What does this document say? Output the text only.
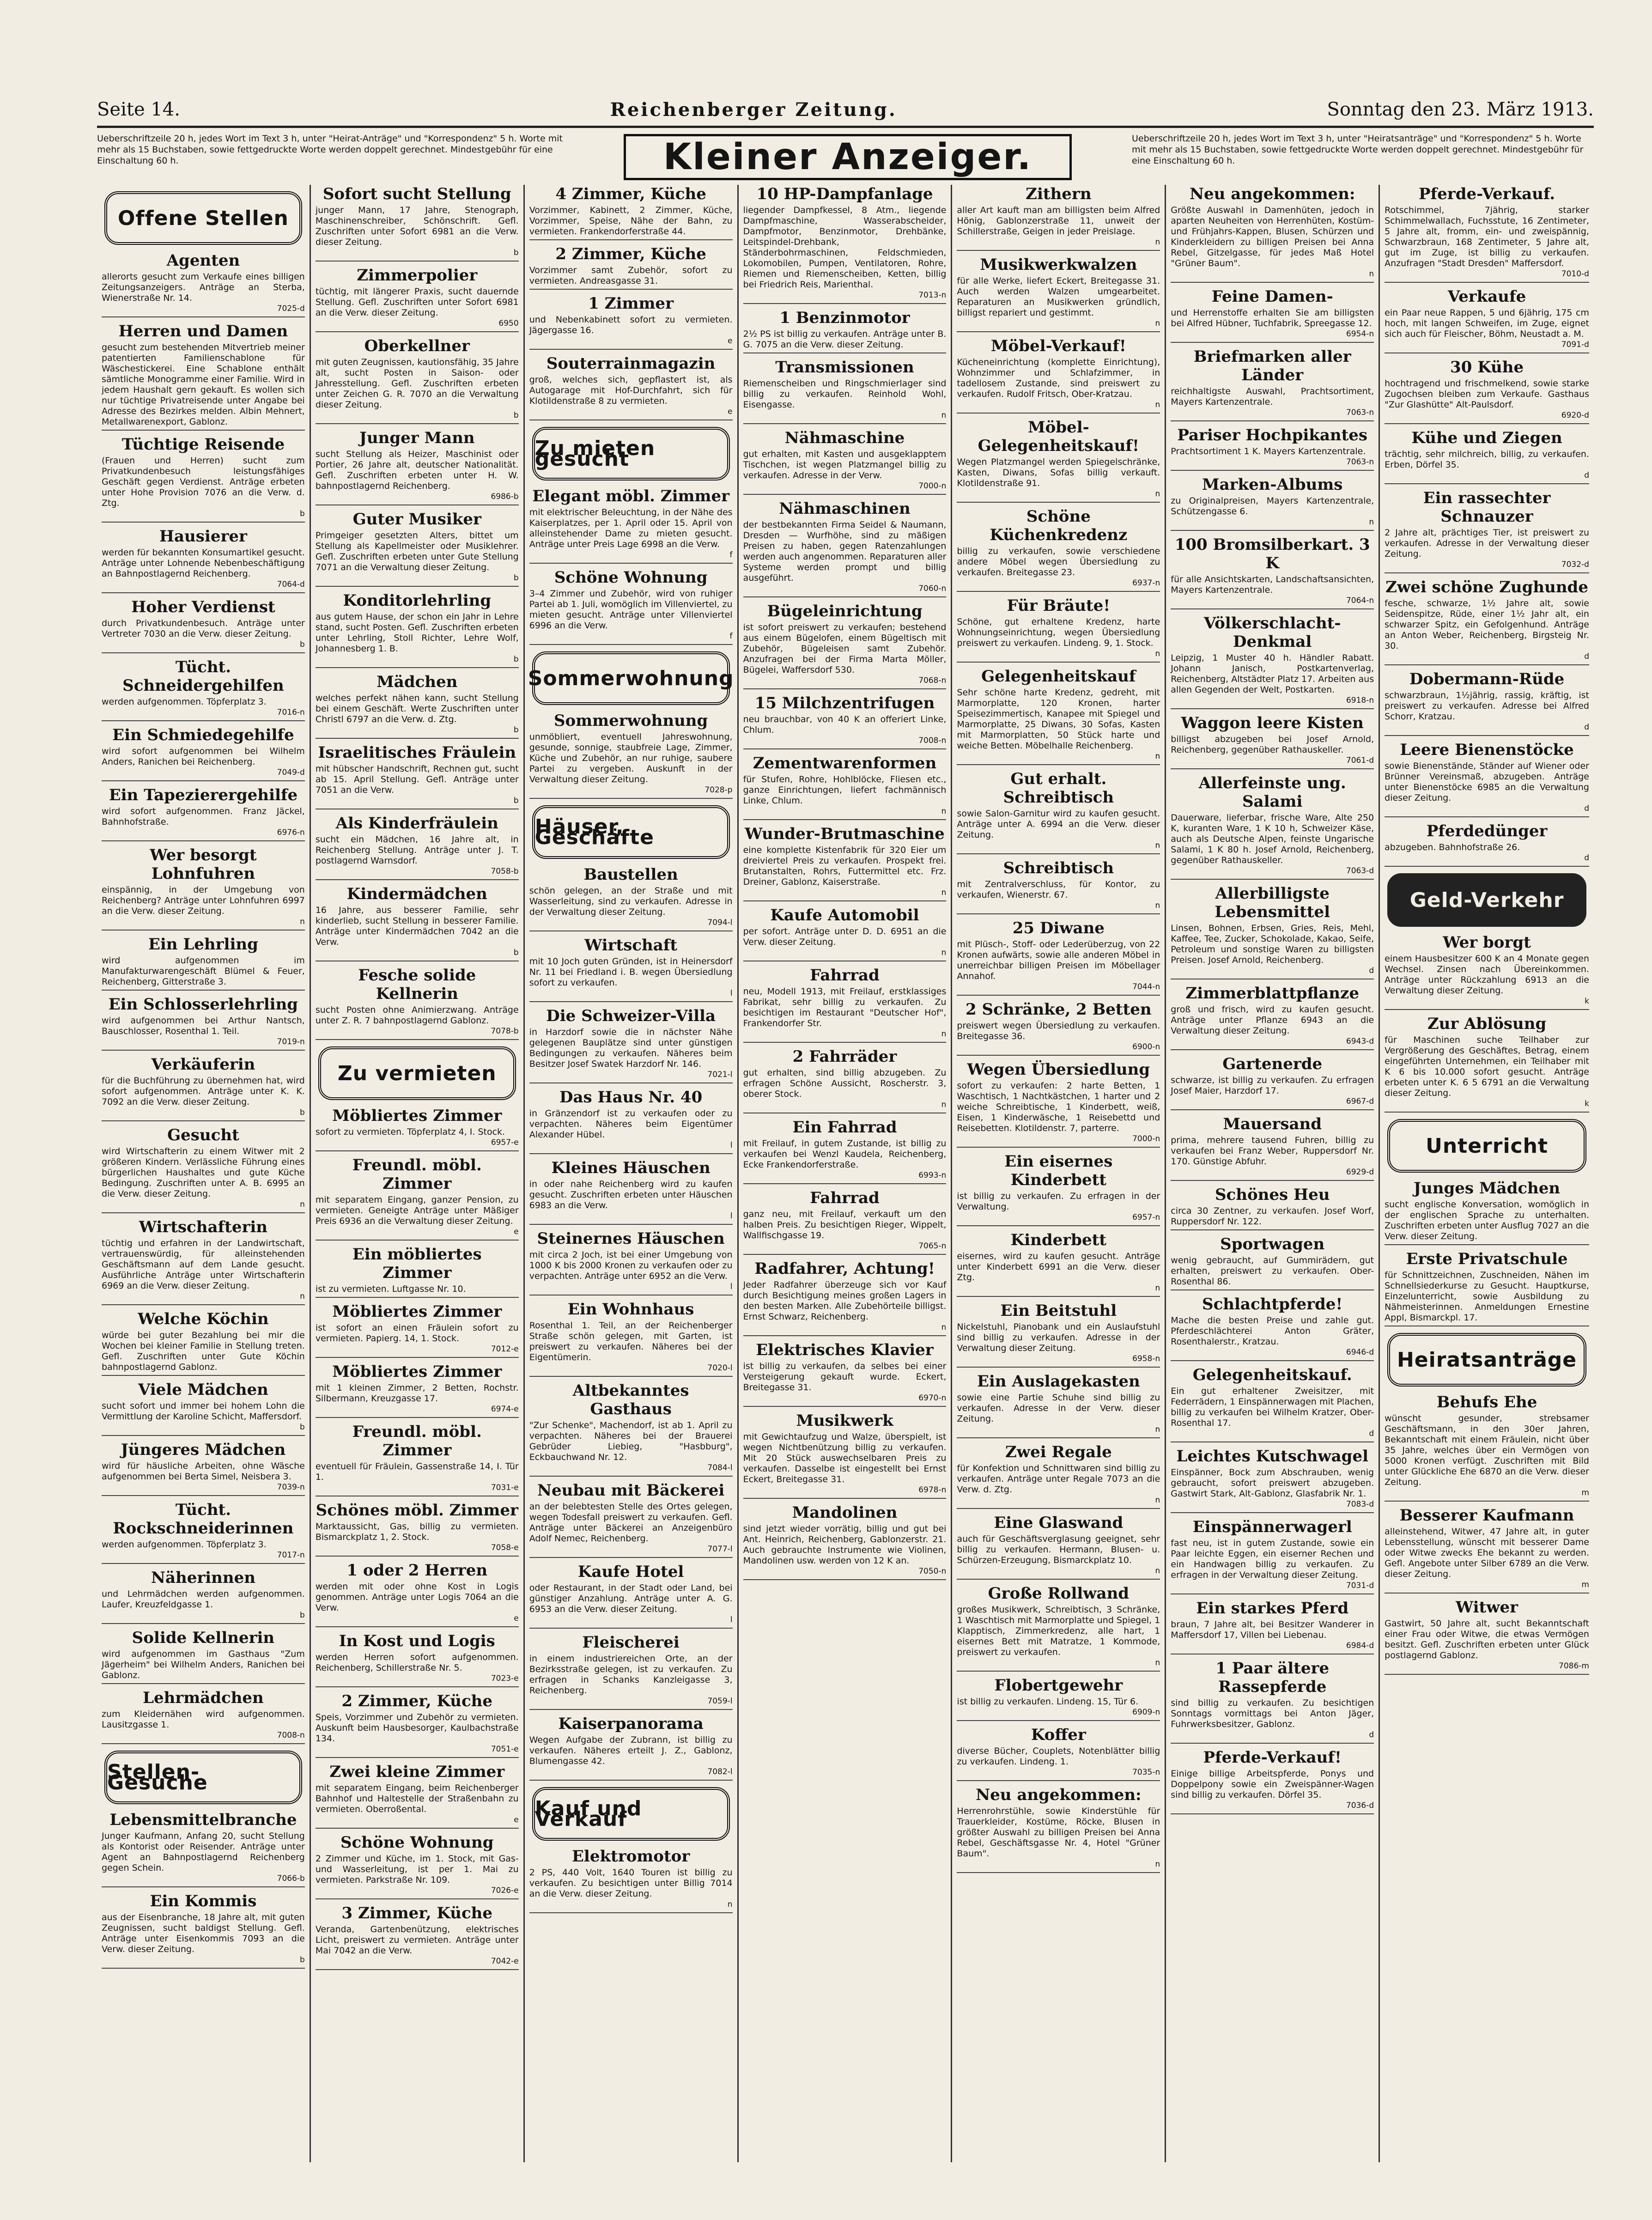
Seite 14.	Reichenberger Zeitung.	Sonntag den 23. März 1913.
Ueberschriftzeile 20 h, jedes Wort im Text 3 h, unter "Heirat-Anträge" und "Korrespondenz" 5 h. Worte mit mehr als 15 Buchstaben, sowie fettgedruckte Worte werden doppelt gerechnet. Mindestgebühr für eine Einschaltung 60 h.	Kleiner Anzeiger.	Ueberschriftzeile 20 h, jedes Wort im Text 3 h, unter "Heiratsanträge" und "Korrespondenz" 5 h. Worte mit mehr als 15 Buchstaben, sowie fettgedruckte Worte werden doppelt gerechnet. Mindestgebühr für eine Einschaltung 60 h.
Offene Stellen
Agenten

allerorts gesucht zum Verkaufe eines billigen Zeitungsanzeigers. Anträge an Sterba, Wienerstraße Nr. 14.

7025-d
Herren und Damen

gesucht zum bestehenden Mitvertrieb meiner patentierten Familienschablone für Wäschestickerei. Eine Schablone enthält sämtliche Monogramme einer Familie. Wird in jedem Haushalt gern gekauft. Es wollen sich nur tüchtige Privatreisende unter Angabe bei Adresse des Bezirkes melden. Albin Mehnert, Metallwarenexport, Gablonz.

Tüchtige Reisende

(Frauen und Herren) sucht zum Privatkundenbesuch leistungsfähiges Geschäft gegen Verdienst. Anträge erbeten unter Hohe Provision 7076 an die Verw. d. Ztg.

b
Hausierer

werden für bekannten Konsumartikel gesucht. Anträge unter Lohnende Nebenbeschäftigung an Bahnpostlagernd Reichenberg.

7064-d
Hoher Verdienst

durch Privatkundenbesuch. Anträge unter Vertreter 7030 an die Verw. dieser Zeitung.

b
Tücht. Schneidergehilfen

werden aufgenommen. Töpferplatz 3.

7016-n
Ein Schmiedegehilfe

wird sofort aufgenommen bei Wilhelm Anders, Ranichen bei Reichenberg.

7049-d
Ein Tapezierergehilfe

wird sofort aufgenommen. Franz Jäckel, Bahnhofstraße.

6976-n
Wer besorgt Lohnfuhren

einspännig, in der Umgebung von Reichenberg? Anträge unter Lohnfuhren 6997 an die Verw. dieser Zeitung.

n
Ein Lehrling

wird aufgenommen im Manufakturwarengeschäft Blümel & Feuer, Reichenberg, Gitterstraße 3.

Ein Schlosserlehrling

wird aufgenommen bei Arthur Nantsch, Bauschlosser, Rosenthal 1. Teil.

7019-n
Verkäuferin

für die Buchführung zu übernehmen hat, wird sofort aufgenommen. Anträge unter K. K. 7092 an die Verw. dieser Zeitung.

b
Gesucht

wird Wirtschafterin zu einem Witwer mit 2 größeren Kindern. Verlässliche Führung eines bürgerlichen Haushaltes und gute Küche Bedingung. Zuschriften unter A. B. 6995 an die Verw. dieser Zeitung.

n
Wirtschafterin

tüchtig und erfahren in der Landwirtschaft, vertrauenswürdig, für alleinstehenden Geschäftsmann auf dem Lande gesucht. Ausführliche Anträge unter Wirtschafterin 6969 an die Verw. dieser Zeitung.

n
Welche Köchin

würde bei guter Bezahlung bei mir die Wochen bei kleiner Familie in Stellung treten. Gefl. Zuschriften unter Gute Köchin bahnpostlagernd Gablonz.

Viele Mädchen

sucht sofort und immer bei hohem Lohn die Vermittlung der Karoline Schicht, Maffersdorf.

b
Jüngeres Mädchen

wird für häusliche Arbeiten, ohne Wäsche aufgenommen bei Berta Simel, Neisbera 3.

7039-n
Tücht. Rockschneiderinnen

werden aufgenommen. Töpferplatz 3.

7017-n
Näherinnen

und Lehrmädchen werden aufgenommen. Laufer, Kreuzfeldgasse 1.

b
Solide Kellnerin

wird aufgenommen im Gasthaus "Zum Jägerheim" bei Wilhelm Anders, Ranichen bei Gablonz.

Lehrmädchen

zum Kleidernähen wird aufgenommen. Lausitzgasse 1.

7008-n
Stellen-Gesuche
Lebensmittelbranche

Junger Kaufmann, Anfang 20, sucht Stellung als Kontorist oder Reisender. Anträge unter Agent an Bahnpostlagernd Reichenberg gegen Schein.

7066-b
Ein Kommis

aus der Eisenbranche, 18 Jahre alt, mit guten Zeugnissen, sucht baldigst Stellung. Gefl. Anträge unter Eisenkommis 7093 an die Verw. dieser Zeitung.

b
Sofort sucht Stellung

junger Mann, 17 Jahre, Stenograph, Maschinenschreiber, Schönschrift. Gefl. Zuschriften unter Sofort 6981 an die Verw. dieser Zeitung.

b
Zimmerpolier

tüchtig, mit längerer Praxis, sucht dauernde Stellung. Gefl. Zuschriften unter Sofort 6981 an die Verw. dieser Zeitung.

6950
Oberkellner

mit guten Zeugnissen, kautionsfähig, 35 Jahre alt, sucht Posten in Saison- oder Jahresstellung. Gefl. Zuschriften erbeten unter Zeichen G. R. 7070 an die Verwaltung dieser Zeitung.

b
Junger Mann

sucht Stellung als Heizer, Maschinist oder Portier, 26 Jahre alt, deutscher Nationalität. Gefl. Zuschriften erbeten unter H. W. bahnpostlagernd Reichenberg.

6986-b
Guter Musiker

Primgeiger gesetzten Alters, bittet um Stellung als Kapellmeister oder Musiklehrer. Gefl. Zuschriften erbeten unter Gute Stellung 7071 an die Verwaltung dieser Zeitung.

b
Konditorlehrling

aus gutem Hause, der schon ein Jahr in Lehre stand, sucht Posten. Gefl. Zuschriften erbeten unter Lehrling, Stoll Richter, Lehre Wolf, Johannesberg 1. B.

b
Mädchen

welches perfekt nähen kann, sucht Stellung bei einem Geschäft. Werte Zuschriften unter Christl 6797 an die Verw. d. Ztg.

b
Israelitisches Fräulein

mit hübscher Handschrift, Rechnen gut, sucht ab 15. April Stellung. Gefl. Anträge unter 7051 an die Verw.

b
Als Kinderfräulein

sucht ein Mädchen, 16 Jahre alt, in Reichenberg Stellung. Anträge unter J. T. postlagernd Warnsdorf.

7058-b
Kindermädchen

16 Jahre, aus besserer Familie, sehr kinderlieb, sucht Stellung in besserer Familie. Anträge unter Kindermädchen 7042 an die Verw.

b
Fesche solide Kellnerin

sucht Posten ohne Animierzwang. Anträge unter Z. R. 7 bahnpostlagernd Gablonz.

7078-b
Zu vermieten
Möbliertes Zimmer

sofort zu vermieten. Töpferplatz 4, I. Stock.

6957-e
Freundl. möbl. Zimmer

mit separatem Eingang, ganzer Pension, zu vermieten. Geneigte Anträge unter Mäßiger Preis 6936 an die Verwaltung dieser Zeitung.

e
Ein möbliertes Zimmer

ist zu vermieten. Luftgasse Nr. 10.

Möbliertes Zimmer

ist sofort an einen Fräulein sofort zu vermieten. Papierg. 14, 1. Stock.

7012-e
Möbliertes Zimmer

mit 1 kleinen Zimmer, 2 Betten, Rochstr. Silbermann, Kreuzgasse 17.

6974-e
Freundl. möbl. Zimmer

eventuell für Fräulein, Gassenstraße 14, I. Tür 1.

7031-e
Schönes möbl. Zimmer

Marktaussicht, Gas, billig zu vermieten. Bismarckplatz 1, 2. Stock.

7058-e
1 oder 2 Herren

werden mit oder ohne Kost in Logis genommen. Anträge unter Logis 7064 an die Verw.

e
In Kost und Logis

werden Herren sofort aufgenommen. Reichenberg, Schillerstraße Nr. 5.

7023-e
2 Zimmer, Küche

Speis, Vorzimmer und Zubehör zu vermieten. Auskunft beim Hausbesorger, Kaulbachstraße 134.

7051-e
Zwei kleine Zimmer

mit separatem Eingang, beim Reichenberger Bahnhof und Haltestelle der Straßenbahn zu vermieten. Oberroßental.

e
Schöne Wohnung

2 Zimmer und Küche, im 1. Stock, mit Gas- und Wasserleitung, ist per 1. Mai zu vermieten. Parkstraße Nr. 109.

7026-e
3 Zimmer, Küche

Veranda, Gartenbenützung, elektrisches Licht, preiswert zu vermieten. Anträge unter Mai 7042 an die Verw.

7042-e
4 Zimmer, Küche

Vorzimmer, Kabinett, 2 Zimmer, Küche, Vorzimmer, Speise, Nähe der Bahn, zu vermieten. Frankendorferstraße 44.

2 Zimmer, Küche

Vorzimmer samt Zubehör, sofort zu vermieten. Andreasgasse 31.

1 Zimmer

und Nebenkabinett sofort zu vermieten. Jägergasse 16.

e
Souterrainmagazin

groß, welches sich, gepflastert ist, als Autogarage mit Hof-Durchfahrt, sich für Klotildenstraße 8 zu vermieten.

e
Zu mieten gesucht
Elegant möbl. Zimmer

mit elektrischer Beleuchtung, in der Nähe des Kaiserplatzes, per 1. April oder 15. April von alleinstehender Dame zu mieten gesucht. Anträge unter Preis Lage 6998 an die Verw.

f
Schöne Wohnung

3–4 Zimmer und Zubehör, wird von ruhiger Partei ab 1. Juli, womöglich im Villenviertel, zu mieten gesucht. Anträge unter Villenviertel 6996 an die Verw.

f
Sommerwohnung
Sommerwohnung

unmöbliert, eventuell Jahreswohnung, gesunde, sonnige, staubfreie Lage, Zimmer, Küche und Zubehör, an nur ruhige, saubere Partei zu vergeben. Auskunft in der Verwaltung dieser Zeitung.

7028-p
Häuser, Geschäfte
Baustellen

schön gelegen, an der Straße und mit Wasserleitung, sind zu verkaufen. Adresse in der Verwaltung dieser Zeitung.

7094-l
Wirtschaft

mit 10 Joch guten Gründen, ist in Heinersdorf Nr. 11 bei Friedland i. B. wegen Übersiedlung sofort zu verkaufen.

l
Die Schweizer-Villa

in Harzdorf sowie die in nächster Nähe gelegenen Bauplätze sind unter günstigen Bedingungen zu verkaufen. Näheres beim Besitzer Josef Swatek Harzdorf Nr. 146.

7021-l
Das Haus Nr. 40

in Gränzendorf ist zu verkaufen oder zu verpachten. Näheres beim Eigentümer Alexander Hübel.

l
Kleines Häuschen

in oder nahe Reichenberg wird zu kaufen gesucht. Zuschriften erbeten unter Häuschen 6983 an die Verw.

l
Steinernes Häuschen

mit circa 2 Joch, ist bei einer Umgebung von 1000 K bis 2000 Kronen zu verkaufen oder zu verpachten. Anträge unter 6952 an die Verw.

l
Ein Wohnhaus

Rosenthal 1. Teil, an der Reichenberger Straße schön gelegen, mit Garten, ist preiswert zu verkaufen. Näheres bei der Eigentümerin.

7020-l
Altbekanntes Gasthaus

"Zur Schenke", Machendorf, ist ab 1. April zu verpachten. Näheres bei der Brauerei Gebrüder Liebieg, "Hasbburg", Eckbauchwand Nr. 12.

7084-l
Neubau mit Bäckerei

an der belebtesten Stelle des Ortes gelegen, wegen Todesfall preiswert zu verkaufen. Gefl. Anträge unter Bäckerei an Anzeigenbüro Adolf Nemec, Reichenberg.

7077-l
Kaufe Hotel

oder Restaurant, in der Stadt oder Land, bei günstiger Anzahlung. Anträge unter A. G. 6953 an die Verw. dieser Zeitung.

l
Fleischerei

in einem industriereichen Orte, an der Bezirksstraße gelegen, ist zu verkaufen. Zu erfragen in Schanks Kanzleigasse 3, Reichenberg.

7059-l
Kaiserpanorama

Wegen Aufgabe der Zubrann, ist billig zu verkaufen. Näheres erteilt J. Z., Gablonz, Blumengasse 42.

7082-l
Kauf und Verkauf
Elektromotor

2 PS, 440 Volt, 1640 Touren ist billig zu verkaufen. Zu besichtigen unter Billig 7014 an die Verw. dieser Zeitung.

n
10 HP-Dampfanlage

liegender Dampfkessel, 8 Atm., liegende Dampfmaschine, Wasserabscheider, Dampfmotor, Benzinmotor, Drehbänke, Leitspindel-Drehbank, Ständerbohrmaschinen, Feldschmieden, Lokomobilen, Pumpen, Ventilatoren, Rohre, Riemen und Riemenscheiben, Ketten, billig bei Friedrich Reis, Marienthal.

7013-n
1 Benzinmotor

2½ PS ist billig zu verkaufen. Anträge unter B. G. 7075 an die Verw. dieser Zeitung.

Transmissionen

Riemenscheiben und Ringschmierlager sind billig zu verkaufen. Reinhold Wohl, Eisengasse.

n
Nähmaschine

gut erhalten, mit Kasten und ausgeklapptem Tischchen, ist wegen Platzmangel billig zu verkaufen. Adresse in der Verw.

7000-n
Nähmaschinen

der bestbekannten Firma Seidel & Naumann, Dresden — Wurfhöhe, sind zu mäßigen Preisen zu haben, gegen Ratenzahlungen werden auch angenommen. Reparaturen aller Systeme werden prompt und billig ausgeführt.

7060-n
Bügeleinrichtung

ist sofort preiswert zu verkaufen; bestehend aus einem Bügelofen, einem Bügeltisch mit Zubehör, Bügeleisen samt Zubehör. Anzufragen bei der Firma Marta Möller, Bügelei, Waffersdorf 530.

7068-n
15 Milchzentrifugen

neu brauchbar, von 40 K an offeriert Linke, Chlum.

7008-n
Zementwarenformen

für Stufen, Rohre, Hohlblöcke, Fliesen etc., ganze Einrichtungen, liefert fachmännisch Linke, Chlum.

n
Wunder-Brutmaschine

eine komplette Kistenfabrik für 320 Eier um dreiviertel Preis zu verkaufen. Prospekt frei. Brutanstalten, Rohrs, Futtermittel etc. Frz. Dreiner, Gablonz, Kaiserstraße.

n
Kaufe Automobil

per sofort. Anträge unter D. D. 6951 an die Verw. dieser Zeitung.

n
Fahrrad

neu, Modell 1913, mit Freilauf, erstklassiges Fabrikat, sehr billig zu verkaufen. Zu besichtigen im Restaurant "Deutscher Hof", Frankendorfer Str.

n
2 Fahrräder

gut erhalten, sind billig abzugeben. Zu erfragen Schöne Aussicht, Roscherstr. 3, oberer Stock.

n
Ein Fahrrad

mit Freilauf, in gutem Zustande, ist billig zu verkaufen bei Wenzl Kaudela, Reichenberg, Ecke Frankendorferstraße.

6993-n
Fahrrad

ganz neu, mit Freilauf, verkauft um den halben Preis. Zu besichtigen Rieger, Wippelt, Wallfischgasse 19.

7065-n
Radfahrer, Achtung!

Jeder Radfahrer überzeuge sich vor Kauf durch Besichtigung meines großen Lagers in den besten Marken. Alle Zubehörteile billigst. Ernst Schwarz, Reichenberg.

n
Elektrisches Klavier

ist billig zu verkaufen, da selbes bei einer Versteigerung gekauft wurde. Eckert, Breitegasse 31.

6970-n
Musikwerk

mit Gewichtaufzug und Walze, überspielt, ist wegen Nichtbenützung billig zu verkaufen. Mit 20 Stück auswechselbaren Preis zu verkaufen. Dasselbe ist eingestellt bei Ernst Eckert, Breitegasse 31.

6978-n
Mandolinen

sind jetzt wieder vorrätig, billig und gut bei Ant. Heinrich, Reichenberg, Gablonzerstr. 21. Auch gebrauchte Instrumente wie Violinen, Mandolinen usw. werden von 12 K an.

7050-n
Zithern

aller Art kauft man am billigsten beim Alfred Hönig, Gablonzerstraße 11, unweit der Schillerstraße, Geigen in jeder Preislage.

n
Musikwerkwalzen

für alle Werke, liefert Eckert, Breitegasse 31. Auch werden Walzen umgearbeitet. Reparaturen an Musikwerken gründlich, billigst repariert und gestimmt.

n
Möbel-Verkauf!

Kücheneinrichtung (komplette Einrichtung), Wohnzimmer und Schlafzimmer, in tadellosem Zustande, sind preiswert zu verkaufen. Rudolf Fritsch, Ober-Kratzau.

n
Möbel-Gelegenheitskauf!

Wegen Platzmangel werden Spiegelschränke, Kasten, Diwans, Sofas billig verkauft. Klotildenstraße 91.

n
Schöne Küchenkredenz

billig zu verkaufen, sowie verschiedene andere Möbel wegen Übersiedlung zu verkaufen. Breitegasse 23.

6937-n
Für Bräute!

Schöne, gut erhaltene Kredenz, harte Wohnungseinrichtung, wegen Übersiedlung preiswert zu verkaufen. Lindeng. 9, 1. Stock.

n
Gelegenheitskauf

Sehr schöne harte Kredenz, gedreht, mit Marmorplatte, 120 Kronen, harter Speisezimmertisch, Kanapee mit Spiegel und Marmorplatte, 25 Diwans, 30 Sofas, Kasten mit Marmorplatten, 50 Stück harte und weiche Betten. Möbelhalle Reichenberg.

n
Gut erhalt. Schreibtisch

sowie Salon-Garnitur wird zu kaufen gesucht. Anträge unter A. 6994 an die Verw. dieser Zeitung.

n
Schreibtisch

mit Zentralverschluss, für Kontor, zu verkaufen, Wienerstr. 67.

n
25 Diwane

mit Plüsch-, Stoff- oder Lederüberzug, von 22 Kronen aufwärts, sowie alle anderen Möbel in unerreichbar billigen Preisen im Möbellager Annahof.

7044-n
2 Schränke, 2 Betten

preiswert wegen Übersiedlung zu verkaufen. Breitegasse 36.

6900-n
Wegen Übersiedlung

sofort zu verkaufen: 2 harte Betten, 1 Waschtisch, 1 Nachtkästchen, 1 harter und 2 weiche Schreibtische, 1 Kinderbett, weiß, Eisen, 1 Kinderwäsche, 1 Reisebettd und Reisebetten. Klotildenstr. 7, parterre.

7000-n
Ein eisernes Kinderbett

ist billig zu verkaufen. Zu erfragen in der Verwaltung.

6957-n
Kinderbett

eisernes, wird zu kaufen gesucht. Anträge unter Kinderbett 6991 an die Verw. dieser Ztg.

n
Ein Beitstuhl

Nickelstuhl, Pianobank und ein Auslaufstuhl sind billig zu verkaufen. Adresse in der Verwaltung dieser Zeitung.

6958-n
Ein Auslagekasten

sowie eine Partie Schuhe sind billig zu verkaufen. Adresse in der Verw. dieser Zeitung.

n
Zwei Regale

für Konfektion und Schnittwaren sind billig zu verkaufen. Anträge unter Regale 7073 an die Verw. d. Ztg.

n
Eine Glaswand

auch für Geschäftsverglasung geeignet, sehr billig zu verkaufen. Hermann, Blusen- u. Schürzen-Erzeugung, Bismarckplatz 10.

n
Große Rollwand

großes Musikwerk, Schreibtisch, 3 Schränke, 1 Waschtisch mit Marmorplatte und Spiegel, 1 Klapptisch, Zimmerkredenz, alle hart, 1 eisernes Bett mit Matratze, 1 Kommode, preiswert zu verkaufen.

n
Flobertgewehr

ist billig zu verkaufen. Lindeng. 15, Tür 6.

6909-n
Koffer

diverse Bücher, Couplets, Notenblätter billig zu verkaufen. Lindeng. 1.

7035-n
Neu angekommen:

Herrenrohrstühle, sowie Kinderstühle für Trauerkleider, Kostüme, Röcke, Blusen in größter Auswahl zu billigen Preisen bei Anna Rebel, Geschäftsgasse Nr. 4, Hotel "Grüner Baum".

n
Neu angekommen:

Größte Auswahl in Damenhüten, jedoch in aparten Neuheiten von Herrenhüten, Kostüm- und Frühjahrs-Kappen, Blusen, Schürzen und Kinderkleidern zu billigen Preisen bei Anna Rebel, Gitzelgasse, für jedes Maß Hotel "Grüner Baum".

n
Feine Damen-

und Herrenstoffe erhalten Sie am billigsten bei Alfred Hübner, Tuchfabrik, Spreegasse 12.

6954-n
Briefmarken aller Länder

reichhaltigste Auswahl, Prachtsortiment, Mayers Kartenzentrale.

7063-n
Pariser Hochpikantes

Prachtsortiment 1 K. Mayers Kartenzentrale.

7063-n
Marken-Albums

zu Originalpreisen, Mayers Kartenzentrale, Schützengasse 6.

n
100 Bromsilberkart. 3 K

für alle Ansichtskarten, Landschaftsansichten, Mayers Kartenzentrale.

7064-n
Völkerschlacht-Denkmal

Leipzig, 1 Muster 40 h. Händler Rabatt. Johann Janisch, Postkartenverlag, Reichenberg, Altstädter Platz 17. Arbeiten aus allen Gegenden der Welt, Postkarten.

6918-n
Waggon leere Kisten

billigst abzugeben bei Josef Arnold, Reichenberg, gegenüber Rathauskeller.

7061-d
Allerfeinste ung. Salami

Dauerware, lieferbar, frische Ware, Alte 250 K, kuranten Ware, 1 K 10 h, Schweizer Käse, auch als Deutsche Alpen, feinste Ungarische Salami, 1 K 80 h. Josef Arnold, Reichenberg, gegenüber Rathauskeller.

7063-d
Allerbilligste Lebensmittel

Linsen, Bohnen, Erbsen, Gries, Reis, Mehl, Kaffee, Tee, Zucker, Schokolade, Kakao, Seife, Petroleum und sonstige Waren zu billigsten Preisen. Josef Arnold, Reichenberg.

d
Zimmerblattpflanze

groß und frisch, wird zu kaufen gesucht. Anträge unter Pflanze 6943 an die Verwaltung dieser Zeitung.

6943-d
Gartenerde

schwarze, ist billig zu verkaufen. Zu erfragen Josef Maier, Harzdorf 17.

6967-d
Mauersand

prima, mehrere tausend Fuhren, billig zu verkaufen bei Franz Weber, Ruppersdorf Nr. 170. Günstige Abfuhr.

6929-d
Schönes Heu

circa 30 Zentner, zu verkaufen. Josef Worf, Ruppersdorf Nr. 122.

Sportwagen

wenig gebraucht, auf Gummirädern, gut erhalten, preiswert zu verkaufen. Ober-Rosenthal 86.

Schlachtpferde!

Mache die besten Preise und zahle gut. Pferdeschlächterei Anton Gräter, Rosenthalerstr., Kratzau.

6946-d
Gelegenheitskauf.

Ein gut erhaltener Zweisitzer, mit Federrädern, 1 Einspännerwagen mit Plachen, billig zu verkaufen bei Wilhelm Kratzer, Ober-Rosenthal 17.

d
Leichtes Kutschwagel

Einspänner, Bock zum Abschrauben, wenig gebraucht, sofort preiswert abzugeben. Gastwirt Stark, Alt-Gablonz, Glasfabrik Nr. 1.

7083-d
Einspännerwagerl

fast neu, ist in gutem Zustande, sowie ein Paar leichte Eggen, ein eiserner Rechen und ein Handwagen billig zu verkaufen. Zu erfragen in der Verwaltung dieser Zeitung.

7031-d
Ein starkes Pferd

braun, 7 Jahre alt, bei Besitzer Wanderer in Maffersdorf 17, Villen bei Liebenau.

6984-d
1 Paar ältere Rassepferde

sind billig zu verkaufen. Zu besichtigen Sonntags vormittags bei Anton Jäger, Fuhrwerksbesitzer, Gablonz.

d
Pferde-Verkauf!

Einige billige Arbeitspferde, Ponys und Doppelpony sowie ein Zweispänner-Wagen sind billig zu verkaufen. Dörfel 35.

7036-d
Pferde-Verkauf.

Rotschimmel, 7jährig, starker Schimmelwallach, Fuchsstute, 16 Zentimeter, 5 Jahre alt, fromm, ein- und zweispännig, Schwarzbraun, 168 Zentimeter, 5 Jahre alt, gut im Zuge, ist billig zu verkaufen. Anzufragen "Stadt Dresden" Maffersdorf.

7010-d
Verkaufe

ein Paar neue Rappen, 5 und 6jährig, 175 cm hoch, mit langen Schweifen, im Zuge, eignet sich auch für Fleischer, Böhm, Neustadt a. M.

7091-d
30 Kühe

hochtragend und frischmelkend, sowie starke Zugochsen bleiben zum Verkaufe. Gasthaus "Zur Glashütte" Alt-Paulsdorf.

6920-d
Kühe und Ziegen

trächtig, sehr milchreich, billig, zu verkaufen. Erben, Dörfel 35.

d
Ein rassechter Schnauzer

2 Jahre alt, prächtiges Tier, ist preiswert zu verkaufen. Adresse in der Verwaltung dieser Zeitung.

7032-d
Zwei schöne Zughunde

fesche, schwarze, 1½ Jahre alt, sowie Seidenspitze, Rüde, einer 1½ Jahr alt, ein schwarzer Spitz, ein Gefolgenhund. Anträge an Anton Weber, Reichenberg, Birgsteig Nr. 30.

d
Dobermann-Rüde

schwarzbraun, 1½jährig, rassig, kräftig, ist preiswert zu verkaufen. Adresse bei Alfred Schorr, Kratzau.

d
Leere Bienenstöcke

sowie Bienenstände, Ständer auf Wiener oder Brünner Vereinsmaß, abzugeben. Anträge unter Bienenstöcke 6985 an die Verwaltung dieser Zeitung.

d
Pferdedünger

abzugeben. Bahnhofstraße 26.

d
Geld-Verkehr
Wer borgt

einem Hausbesitzer 600 K an 4 Monate gegen Wechsel. Zinsen nach Übereinkommen. Anträge unter Rückzahlung 6913 an die Verwaltung dieser Zeitung.

k
Zur Ablösung

für Maschinen suche Teilhaber zur Vergrößerung des Geschäftes, Betrag, einem eingeführten Unternehmen, ein Teilhaber mit K 6 bis 10.000 sofort gesucht. Anträge erbeten unter K. 6 5 6791 an die Verwaltung dieser Zeitung.

k
Unterricht
Junges Mädchen

sucht englische Konversation, womöglich in der englischen Sprache zu unterhalten. Zuschriften erbeten unter Ausflug 7027 an die Verw. dieser Zeitung.

Erste Privatschule

für Schnittzeichnen, Zuschneiden, Nähen im Schnellsiederkurse zu Gesucht. Hauptkurse, Einzelunterricht, sowie Ausbildung zu Nähmeisterinnen. Anmeldungen Ernestine Appl, Bismarckpl. 17.

Heiratsanträge
Behufs Ehe

wünscht gesunder, strebsamer Geschäftsmann, in den 30er Jahren, Bekanntschaft mit einem Fräulein, nicht über 35 Jahre, welches über ein Vermögen von 5000 Kronen verfügt. Zuschriften mit Bild unter Glückliche Ehe 6870 an die Verw. dieser Zeitung.

m
Besserer Kaufmann

alleinstehend, Witwer, 47 Jahre alt, in guter Lebensstellung, wünscht mit besserer Dame oder Witwe zwecks Ehe bekannt zu werden. Gefl. Angebote unter Silber 6789 an die Verw. dieser Zeitung.

m
Witwer

Gastwirt, 50 Jahre alt, sucht Bekanntschaft einer Frau oder Witwe, die etwas Vermögen besitzt. Gefl. Zuschriften erbeten unter Glück postlagernd Gablonz.

7086-m
